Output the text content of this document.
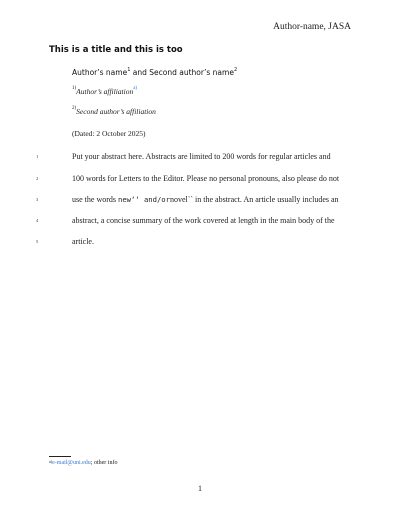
Author-name, JASA
This is a title and this is too
Author’s name$^1$ and Second author’s name$^2$
$^{1)}$Author’s affiliation$^{a)}$
$^{2)}$Second author’s affiliation
(Dated: 2 October 2025)
1	Put your abstract here. Abstracts are limited to 200 words for regular articles and
2	100 words for Letters to the Editor. Please no personal pronouns, also please do not
3	use the words new‘‘ and/ornovel`` in the abstract. An article usually includes an
4	abstract, a concise summary of the work covered at length in the main body of the
5	article.
$^{a)}$e-mail@uni.edu; other info
1
